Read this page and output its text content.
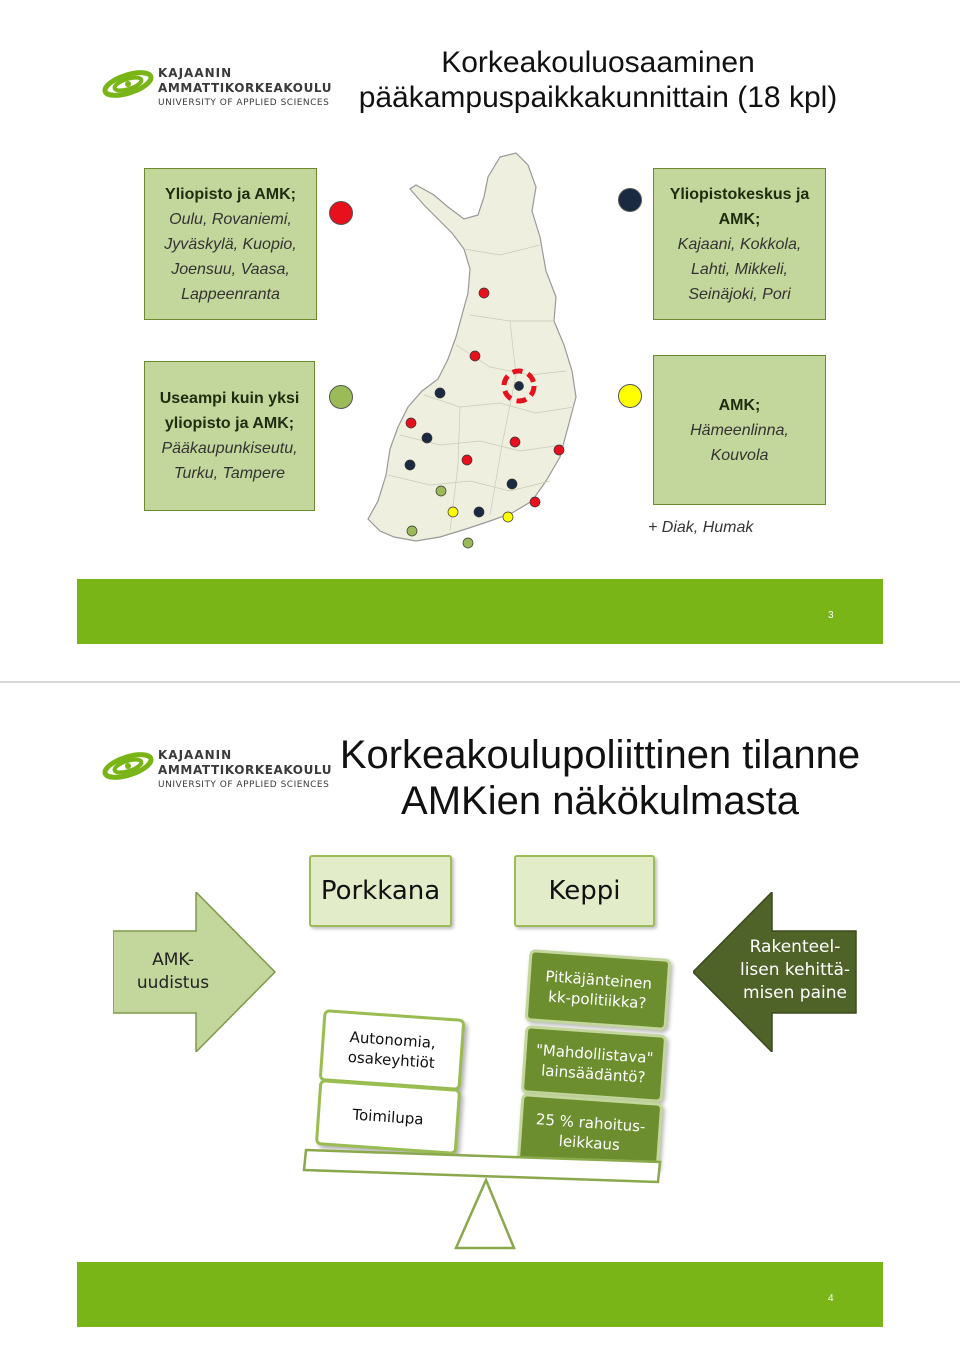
KAJAANIN
AMMATTIKORKEAKOULU
UNIVERSITY OF APPLIED SCIENCES
Korkeakouluosaaminen
pääkampuspaikkakunnittain (18 kpl)
Yliopisto ja AMK;
Oulu, Rovaniemi, Jyväskylä, Kuopio, Joensuu, Vaasa, Lappeenranta
Yliopistokeskus ja AMK;
Kajaani, Kokkola, Lahti, Mikkeli, Seinäjoki, Pori
Useampi kuin yksi yliopisto ja AMK;
Pääkaupunkiseutu, Turku, Tampere
AMK;
Hämeenlinna, Kouvola
+ Diak, Humak
3
KAJAANIN
AMMATTIKORKEAKOULU
UNIVERSITY OF APPLIED SCIENCES
Korkeakoulupoliittinen tilanne
AMKien näkökulmasta
Porkkana	Keppi
AMK-
uudistus
Rakenteel-
lisen kehittä-
misen paine
Pitkäjänteinen
kk-politiikka?
"Mahdollistava"
lainsäädäntö?
25 % rahoitus-
leikkaus
Autonomia,
osakeyhtiöt
Toimilupa
4
